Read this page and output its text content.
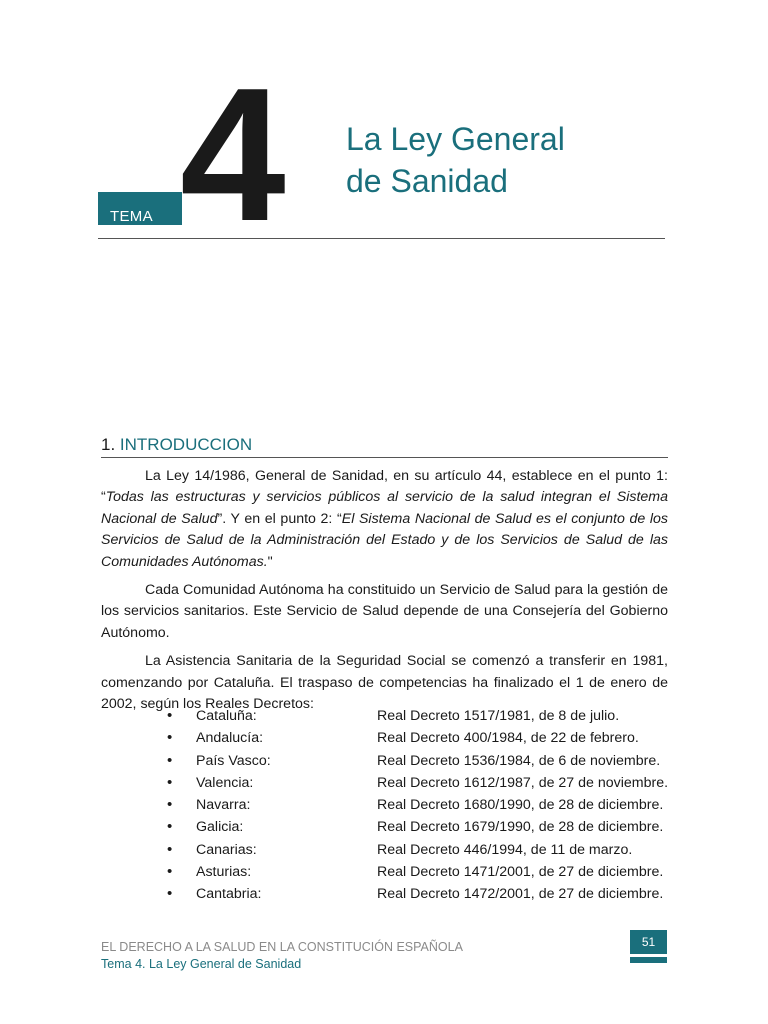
TEMA 4 La Ley General
de Sanidad
1. INTRODUCCION

La Ley 14/1986, General de Sanidad, en su artículo 44, establece en el punto 1: “Todas las estructuras y servicios públicos al servicio de la salud integran el Sistema Nacional de Salud”. Y en el punto 2: “El Sistema Nacional de Salud es el conjunto de los Servicios de Salud de la Administración del Estado y de los Servicios de Salud de las Comunidades Autónomas."

Cada Comunidad Autónoma ha constituido un Servicio de Salud para la gestión de los servicios sanitarios. Este Servicio de Salud depende de una Consejería del Gobierno Autónomo.

La Asistencia Sanitaria de la Seguridad Social se comenzó a transferir en 1981, comenzando por Cataluña. El traspaso de competencias ha finalizado el 1 de enero de 2002, según los Reales Decretos:

• Cataluña:	Real Decreto 1517/1981, de 8 de julio.
• Andalucía:	Real Decreto 400/1984, de 22 de febrero.
• País Vasco:	Real Decreto 1536/1984, de 6 de noviembre.
• Valencia:	Real Decreto 1612/1987, de 27 de noviembre.
• Navarra:	Real Decreto 1680/1990, de 28 de diciembre.
• Galicia:	Real Decreto 1679/1990, de 28 de diciembre.
• Canarias:	Real Decreto 446/1994, de 11 de marzo.
• Asturias:	Real Decreto 1471/2001, de 27 de diciembre.
• Cantabria:	Real Decreto 1472/2001, de 27 de diciembre.
EL DERECHO A LA SALUD EN LA CONSTITUCIÓN ESPAÑOLA
Tema 4. La Ley General de Sanidad
51
